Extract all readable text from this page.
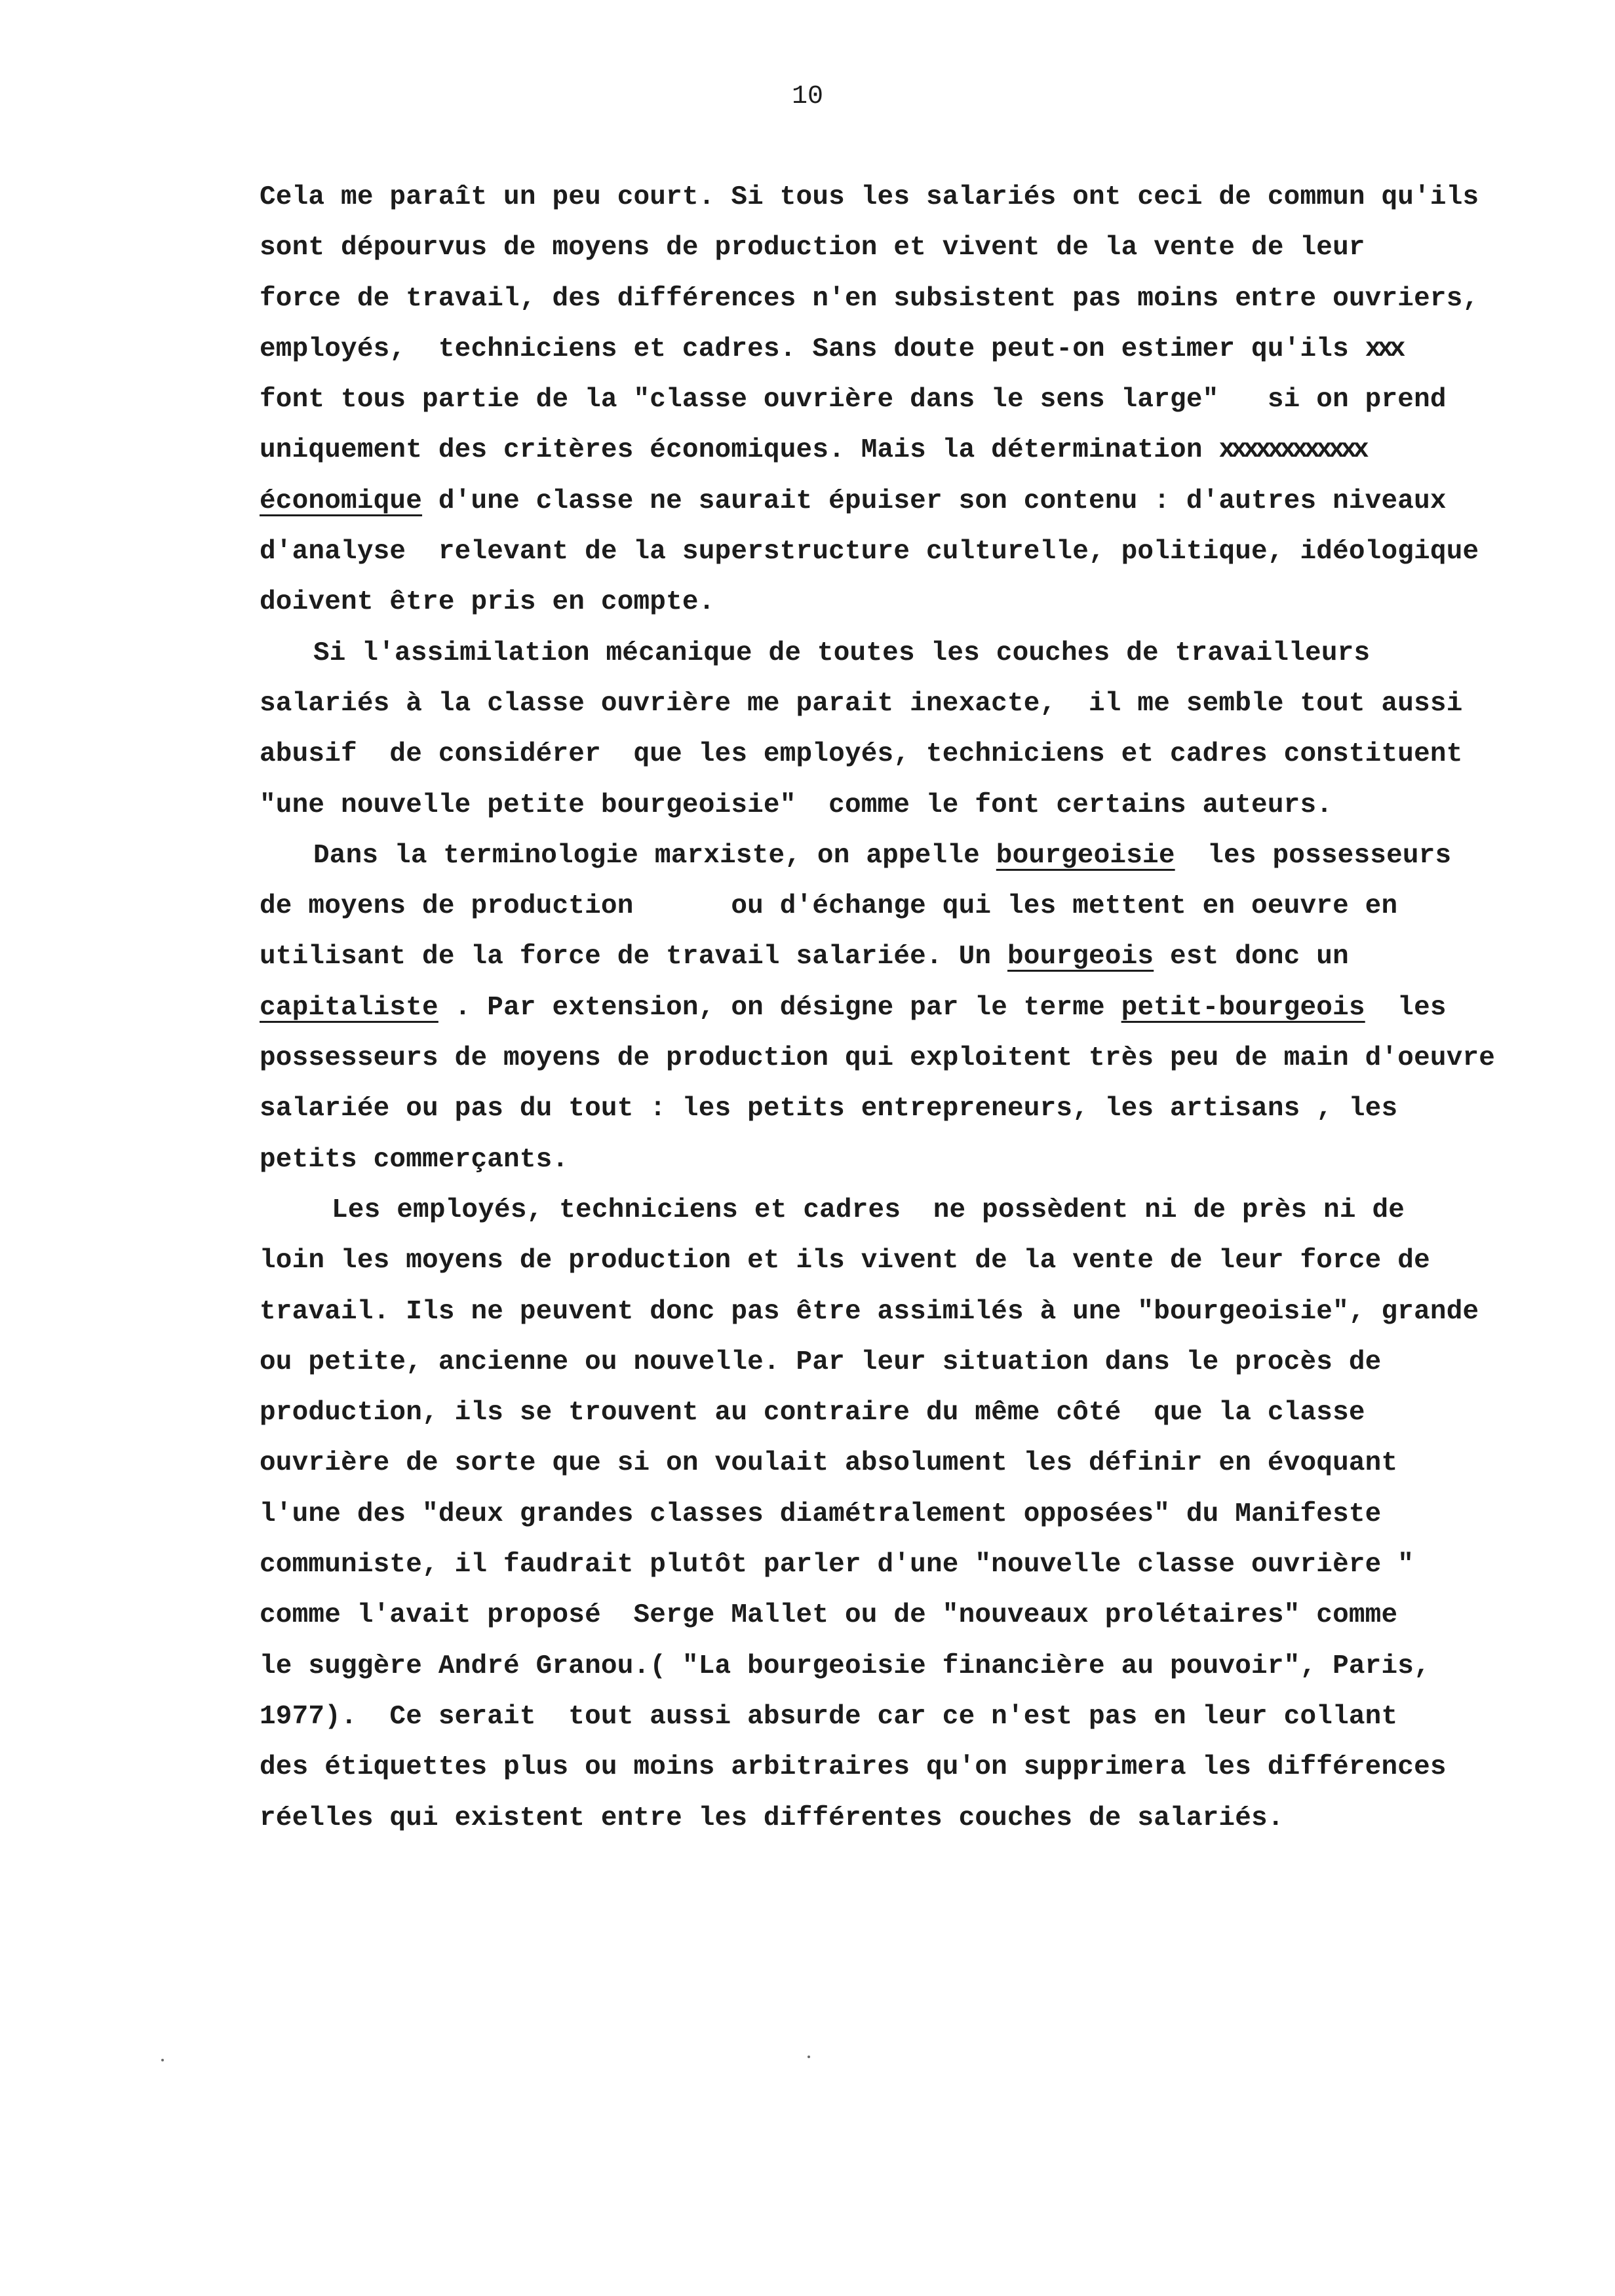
10
Cela me paraît un peu court. Si tous les salariés ont ceci de commun qu'ils
sont dépourvus de moyens de production et vivent de la vente de leur
force de travail, des différences n'en subsistent pas moins entre ouvriers,
employés,  techniciens et cadres. Sans doute peut-on estimer qu'ils xxx
font tous partie de la "classe ouvrière dans le sens large"   si on prend
uniquement des critères économiques. Mais la détermination xxxxxxxxxxxx
économique d'une classe ne saurait épuiser son contenu : d'autres niveaux
d'analyse  relevant de la superstructure culturelle, politique, idéologique
doivent être pris en compte.
Si l'assimilation mécanique de toutes les couches de travailleurs
salariés à la classe ouvrière me parait inexacte,  il me semble tout aussi
abusif  de considérer  que les employés, techniciens et cadres constituent
"une nouvelle petite bourgeoisie"  comme le font certains auteurs.
Dans la terminologie marxiste, on appelle bourgeoisie  les possesseurs
de moyens de production      ou d'échange qui les mettent en oeuvre en
utilisant de la force de travail salariée. Un bourgeois est donc un
capitaliste . Par extension, on désigne par le terme petit-bourgeois  les
possesseurs de moyens de production qui exploitent très peu de main d'oeuvre
salariée ou pas du tout : les petits entrepreneurs, les artisans , les
petits commerçants.
Les employés, techniciens et cadres  ne possèdent ni de près ni de
loin les moyens de production et ils vivent de la vente de leur force de
travail. Ils ne peuvent donc pas être assimilés à une "bourgeoisie", grande
ou petite, ancienne ou nouvelle. Par leur situation dans le procès de
production, ils se trouvent au contraire du même côté  que la classe
ouvrière de sorte que si on voulait absolument les définir en évoquant
l'une des "deux grandes classes diamétralement opposées" du Manifeste
communiste, il faudrait plutôt parler d'une "nouvelle classe ouvrière "
comme l'avait proposé  Serge Mallet ou de "nouveaux prolétaires" comme
le suggère André Granou.( "La bourgeoisie financière au pouvoir", Paris,
1977).  Ce serait  tout aussi absurde car ce n'est pas en leur collant
des étiquettes plus ou moins arbitraires qu'on supprimera les différences
réelles qui existent entre les différentes couches de salariés.
